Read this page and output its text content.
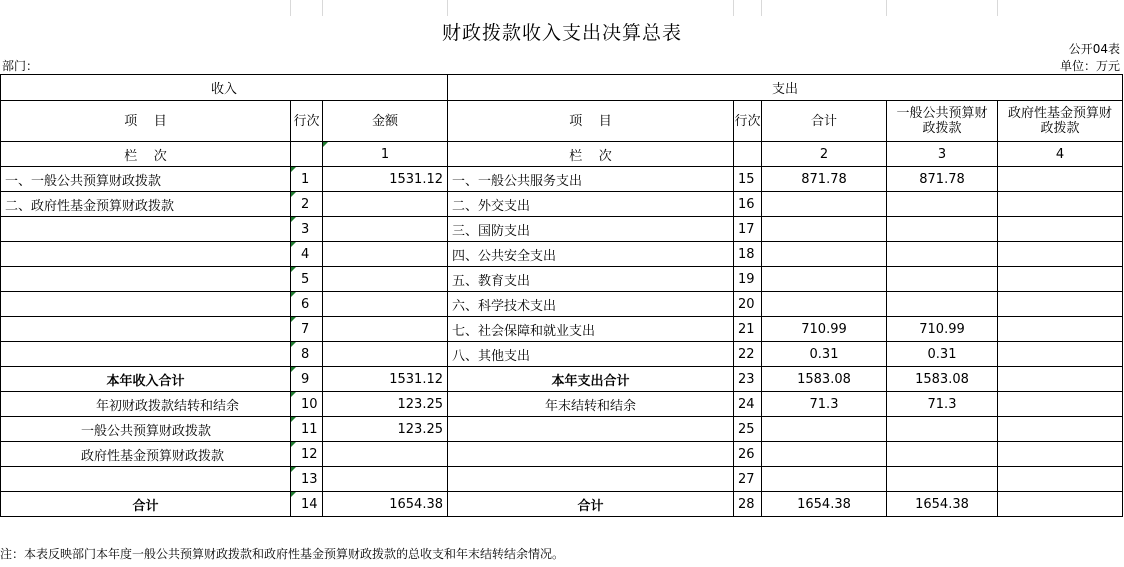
财政拨款收入支出决算总表
公开04表
部门：	单位：万元
收入			支出				
项    目	行次	金额	项    目	行次	合计	一般公共预算财政拨款	政府性基金预算财政拨款
栏    次		1	栏    次		2	3	4
一、一般公共预算财政拨款	1	1531.12	一、一般公共服务支出	15	871.78	871.78	
二、政府性基金预算财政拨款	2		二、外交支出	16			
	3		三、国防支出	17			
	4		四、公共安全支出	18			
	5		五、教育支出	19			
	6		六、科学技术支出	20			
	7		七、社会保障和就业支出	21	710.99	710.99	
	8		八、其他支出	22	0.31	0.31	
本年收入合计	9	1531.12	本年支出合计	23	1583.08	1583.08	
年初财政拨款结转和结余	10	123.25	年末结转和结余	24	71.3	71.3	
一般公共预算财政拨款	11	123.25		25			
政府性基金预算财政拨款	12			26			
	13			27			
合计	14	1654.38	合计	28	1654.38	1654.38	
注：本表反映部门本年度一般公共预算财政拨款和政府性基金预算财政拨款的总收支和年末结转结余情况。
